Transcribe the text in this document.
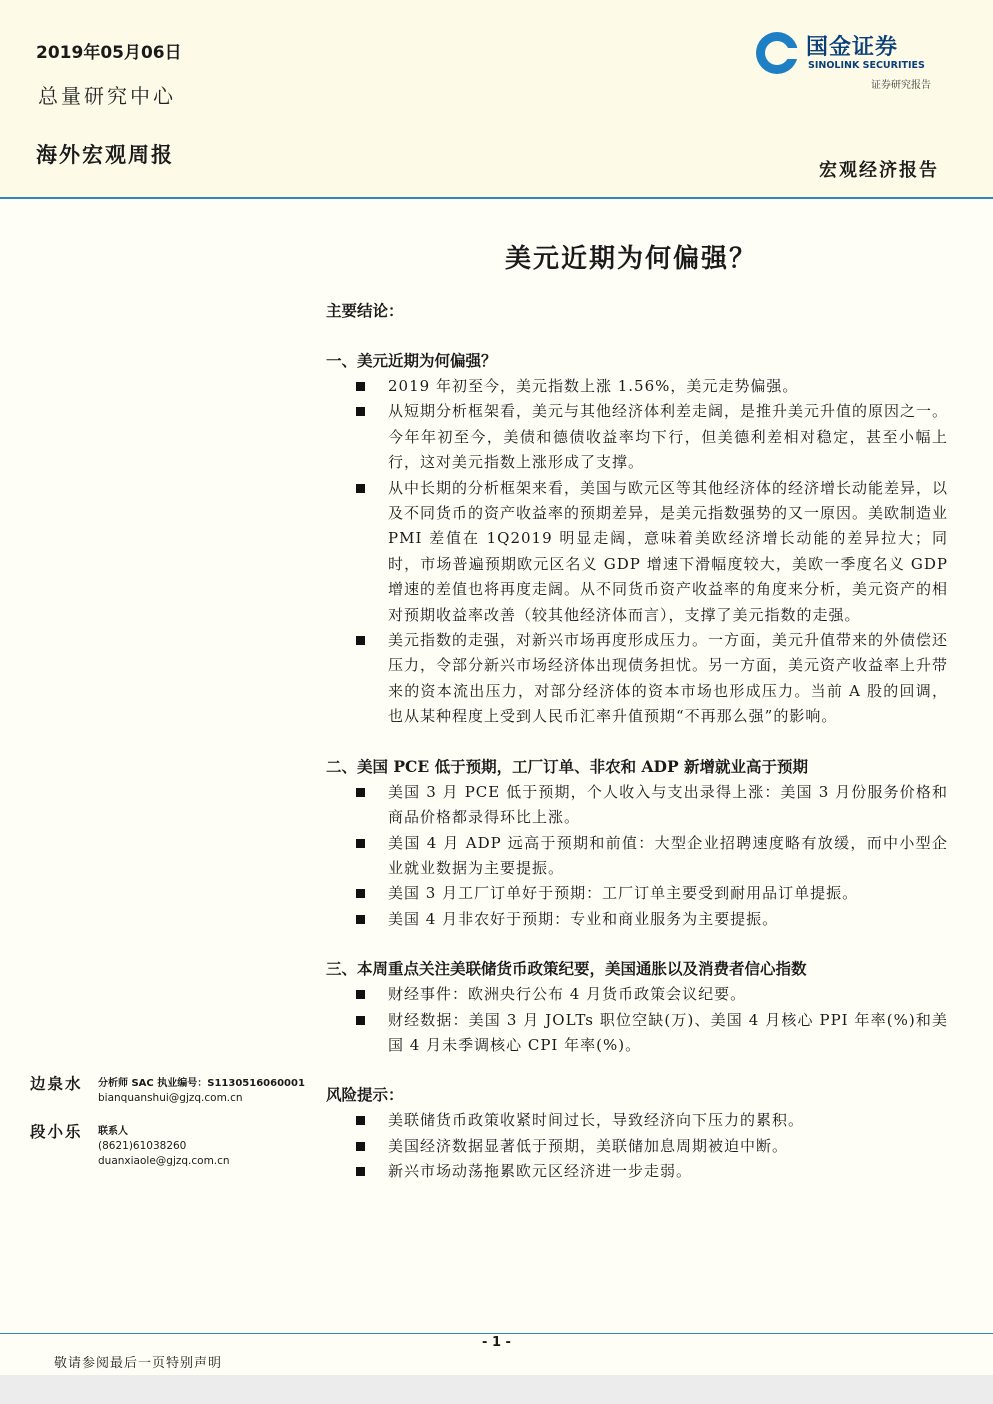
2019年05月06日
总量研究中心
海外宏观周报
国金证券
SINOLINK SECURITIES
证券研究报告
宏观经济报告
美元近期为何偏强？

主要结论：

一、美元近期为何偏强？

2019 年初至今，美元指数上涨 1.56%，美元走势偏强。
从短期分析框架看，美元与其他经济体利差走阔，是推升美元升值的原因之一。今年年初至今，美债和德债收益率均下行，但美德利差相对稳定，甚至小幅上行，这对美元指数上涨形成了支撑。
从中长期的分析框架来看，美国与欧元区等其他经济体的经济增长动能差异，以及不同货币的资产收益率的预期差异，是美元指数强势的又一原因。美欧制造业 PMI 差值在 1Q2019 明显走阔，意味着美欧经济增长动能的差异拉大；同时，市场普遍预期欧元区名义 GDP 增速下滑幅度较大，美欧一季度名义 GDP 增速的差值也将再度走阔。从不同货币资产收益率的角度来分析，美元资产的相对预期收益率改善（较其他经济体而言），支撑了美元指数的走强。
美元指数的走强，对新兴市场再度形成压力。一方面，美元升值带来的外债偿还压力，令部分新兴市场经济体出现债务担忧。另一方面，美元资产收益率上升带来的资本流出压力，对部分经济体的资本市场也形成压力。当前 A 股的回调，也从某种程度上受到人民币汇率升值预期“不再那么强”的影响。

二、美国 PCE 低于预期，工厂订单、非农和 ADP 新增就业高于预期

美国 3 月 PCE 低于预期，个人收入与支出录得上涨：美国 3 月份服务价格和商品价格都录得环比上涨。
美国 4 月 ADP 远高于预期和前值：大型企业招聘速度略有放缓，而中小型企业就业数据为主要提振。
美国 3 月工厂订单好于预期：工厂订单主要受到耐用品订单提振。
美国 4 月非农好于预期：专业和商业服务为主要提振。

三、本周重点关注美联储货币政策纪要，美国通胀以及消费者信心指数

财经事件：欧洲央行公布 4 月货币政策会议纪要。
财经数据：美国 3 月 JOLTs 职位空缺(万)、美国 4 月核心 PPI 年率(%)和美国 4 月未季调核心 CPI 年率(%)。

风险提示：

美联储货币政策收紧时间过长，导致经济向下压力的累积。
美国经济数据显著低于预期，美联储加息周期被迫中断。
新兴市场动荡拖累欧元区经济进一步走弱。
边泉水 分析师 SAC 执业编号：S1130516060001
bianquanshui@gjzq.com.cn
段小乐 联系人
(8621)61038260
duanxiaole@gjzq.com.cn
- 1 -
敬请参阅最后一页特别声明
